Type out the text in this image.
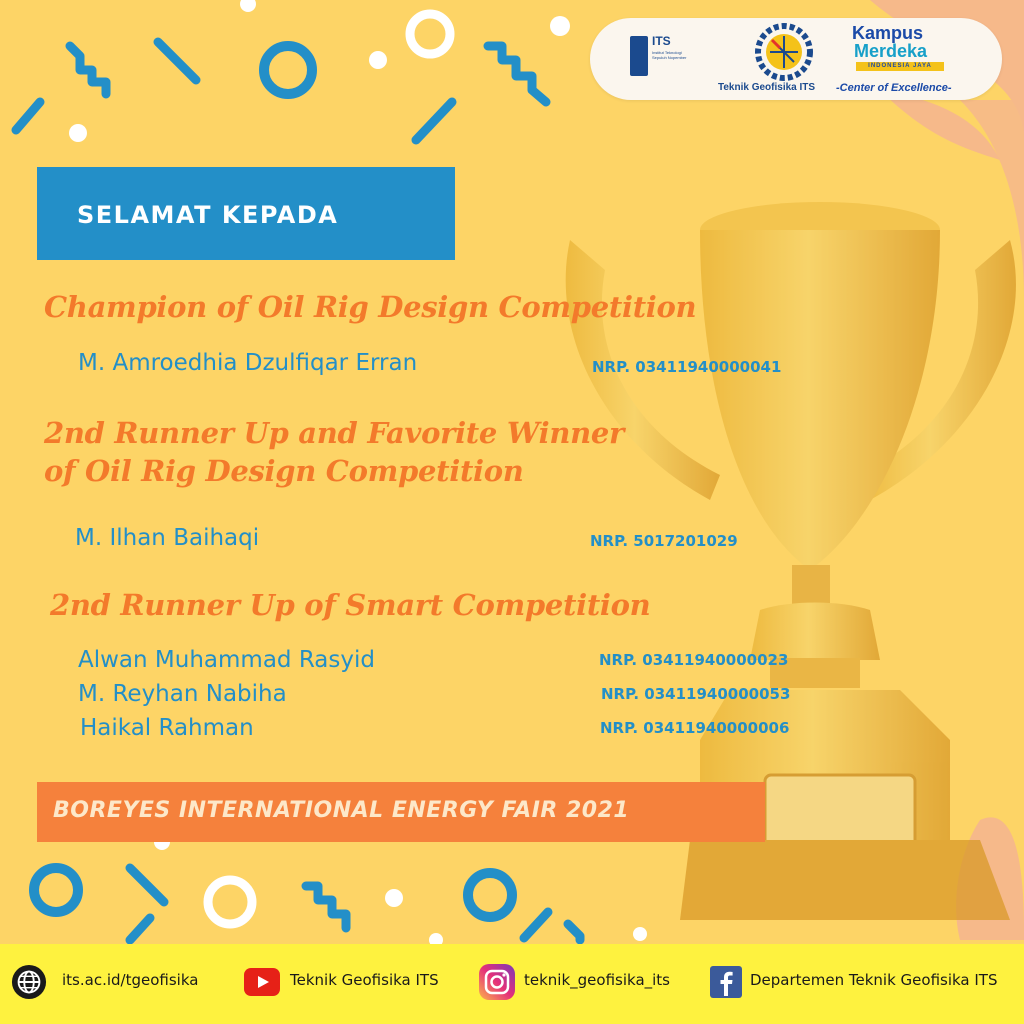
ITS
Institut Teknologi Sepuluh Nopember
Teknik Geofisika ITS
Kampus
Merdeka
INDONESIA JAYA
-Center of Excellence-
SELAMAT KEPADA
Champion of Oil Rig Design Competition
M. Amroedhia Dzulfiqar Erran	NRP. 03411940000041
2nd Runner Up and Favorite Winner
of Oil Rig Design Competition
M. Ilhan Baihaqi	NRP. 5017201029
2nd Runner Up of Smart Competition
Alwan Muhammad Rasyid	NRP. 03411940000023
M. Reyhan Nabiha	NRP. 03411940000053
Haikal Rahman	NRP. 03411940000006
BOREYES INTERNATIONAL ENERGY FAIR 2021
its.ac.id/tgeofisika	Teknik Geofisika ITS	teknik_geofisika_its	Departemen Teknik Geofisika ITS
